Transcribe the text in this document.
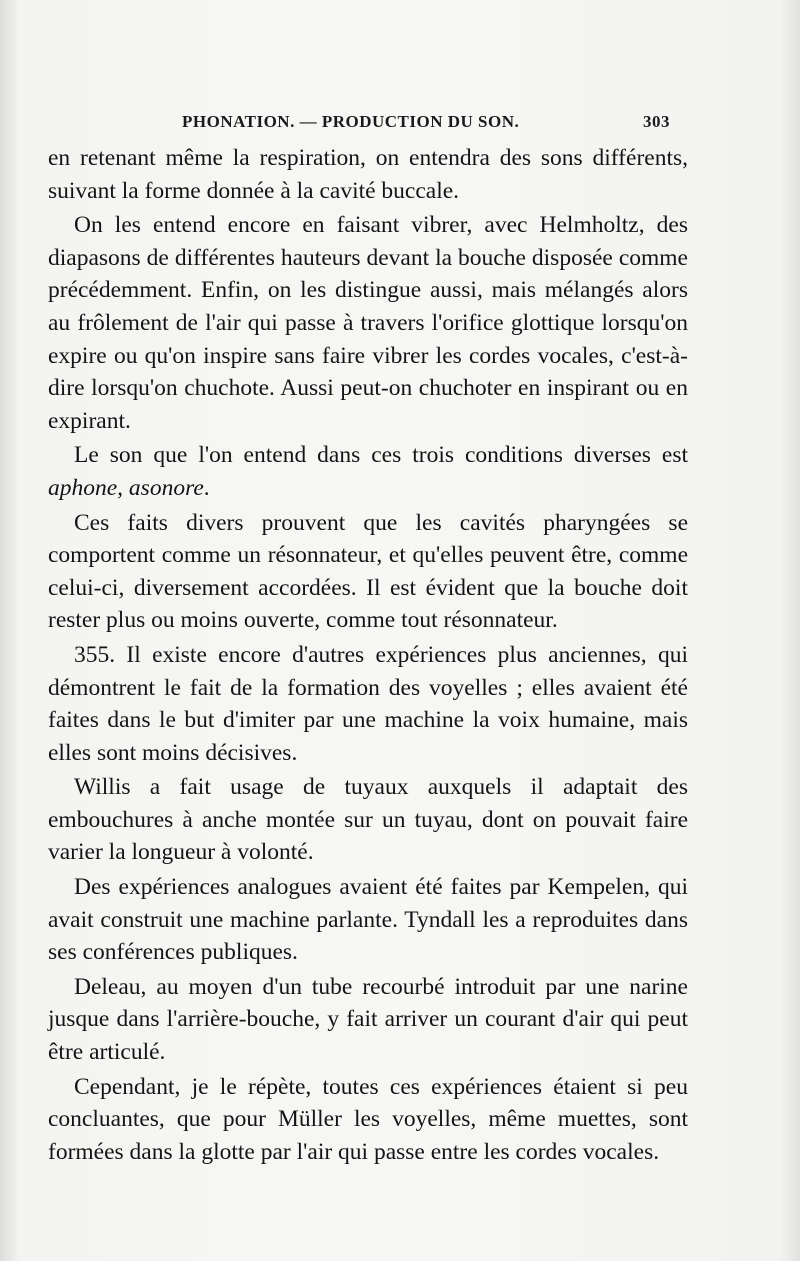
PHONATION. — PRODUCTION DU SON.	303

en retenant même la respiration, on entendra des sons différents, suivant la forme donnée à la cavité buccale.

On les entend encore en faisant vibrer, avec Helmholtz, des diapasons de différentes hauteurs devant la bouche disposée comme précédemment. Enfin, on les distingue aussi, mais mélangés alors au frôlement de l'air qui passe à travers l'orifice glottique lorsqu'on expire ou qu'on inspire sans faire vibrer les cordes vocales, c'est-à-dire lorsqu'on chuchote. Aussi peut-on chuchoter en inspirant ou en expirant.

Le son que l'on entend dans ces trois conditions diverses est aphone, asonore.

Ces faits divers prouvent que les cavités pharyngées se comportent comme un résonnateur, et qu'elles peuvent être, comme celui-ci, diversement accordées. Il est évident que la bouche doit rester plus ou moins ouverte, comme tout résonnateur.

355. Il existe encore d'autres expériences plus anciennes, qui démontrent le fait de la formation des voyelles ; elles avaient été faites dans le but d'imiter par une machine la voix humaine, mais elles sont moins décisives.

Willis a fait usage de tuyaux auxquels il adaptait des embouchures à anche montée sur un tuyau, dont on pouvait faire varier la longueur à volonté.

Des expériences analogues avaient été faites par Kempelen, qui avait construit une machine parlante. Tyndall les a reproduites dans ses conférences publiques.

Deleau, au moyen d'un tube recourbé introduit par une narine jusque dans l'arrière-bouche, y fait arriver un courant d'air qui peut être articulé.

Cependant, je le répète, toutes ces expériences étaient si peu concluantes, que pour Müller les voyelles, même muettes, sont formées dans la glotte par l'air qui passe entre les cordes vocales.
